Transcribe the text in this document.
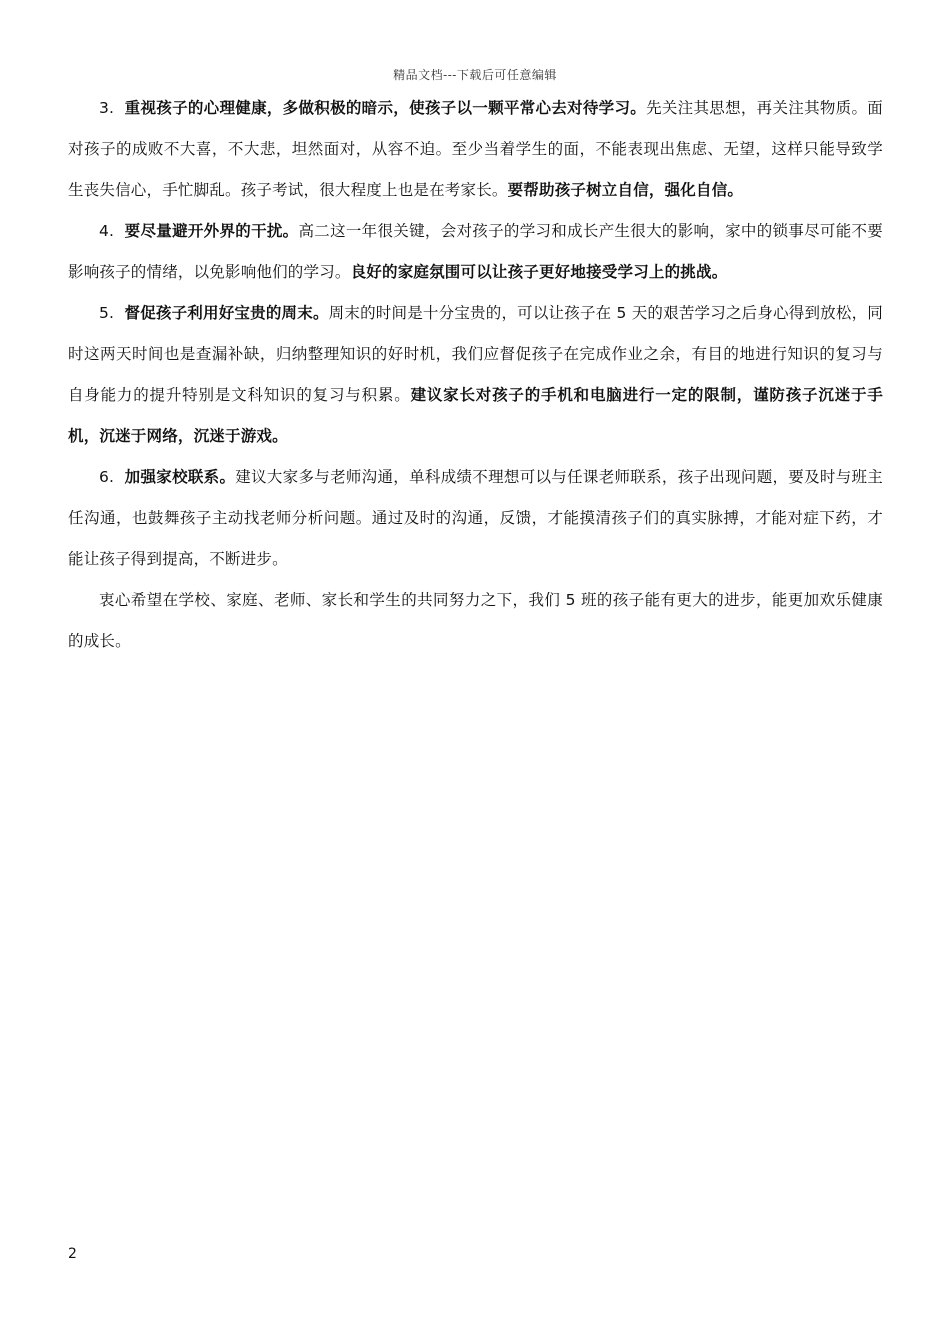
精品文档---下载后可任意编辑

3. 重视孩子的心理健康，多做积极的暗示，使孩子以一颗平常心去对待学习。先关注其思想，再关注其物质。面对孩子的成败不大喜，不大悲，坦然面对，从容不迫。至少当着学生的面，不能表现出焦虑、无望，这样只能导致学生丧失信心，手忙脚乱。孩子考试，很大程度上也是在考家长。要帮助孩子树立自信，强化自信。

4. 要尽量避开外界的干扰。高二这一年很关键，会对孩子的学习和成长产生很大的影响，家中的锁事尽可能不要影响孩子的情绪，以免影响他们的学习。良好的家庭氛围可以让孩子更好地接受学习上的挑战。

5. 督促孩子利用好宝贵的周末。周末的时间是十分宝贵的，可以让孩子在 5 天的艰苦学习之后身心得到放松，同时这两天时间也是查漏补缺，归纳整理知识的好时机，我们应督促孩子在完成作业之余，有目的地进行知识的复习与自身能力的提升特别是文科知识的复习与积累。建议家长对孩子的手机和电脑进行一定的限制，谨防孩子沉迷于手机，沉迷于网络，沉迷于游戏。

6. 加强家校联系。建议大家多与老师沟通，单科成绩不理想可以与任课老师联系，孩子出现问题，要及时与班主任沟通，也鼓舞孩子主动找老师分析问题。通过及时的沟通，反馈，才能摸清孩子们的真实脉搏，才能对症下药，才能让孩子得到提高，不断进步。

衷心希望在学校、家庭、老师、家长和学生的共同努力之下，我们 5 班的孩子能有更大的进步，能更加欢乐健康的成长。

2
